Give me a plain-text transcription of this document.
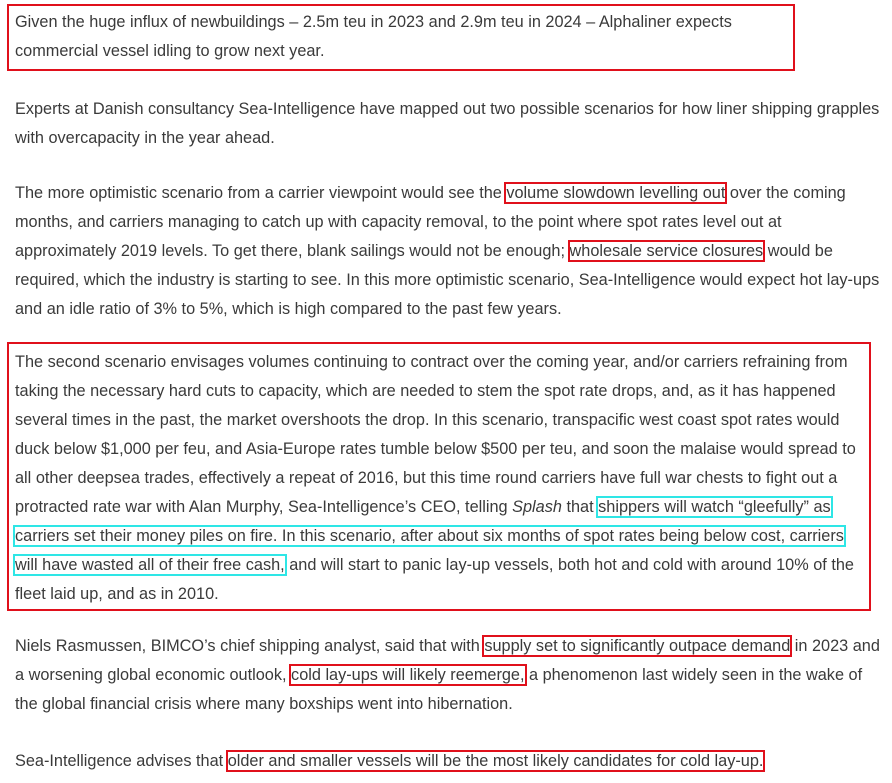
Given the huge influx of newbuildings – 2.5m teu in 2023 and 2.9m teu in 2024 – Alphaliner expects commercial vessel idling to grow next year.

Experts at Danish consultancy Sea-Intelligence have mapped out two possible scenarios for how liner shipping grapples with overcapacity in the year ahead.

The more optimistic scenario from a carrier viewpoint would see the volume slowdown levelling out over the coming months, and carriers managing to catch up with capacity removal, to the point where spot rates level out at approximately 2019 levels. To get there, blank sailings would not be enough; wholesale service closures would be required, which the industry is starting to see. In this more optimistic scenario, Sea-Intelligence would expect hot lay-ups and an idle ratio of 3% to 5%, which is high compared to the past few years.

The second scenario envisages volumes continuing to contract over the coming year, and/or carriers refraining from taking the necessary hard cuts to capacity, which are needed to stem the spot rate drops, and, as it has happened several times in the past, the market overshoots the drop. In this scenario, transpacific west coast spot rates would duck below $1,000 per feu, and Asia-Europe rates tumble below $500 per teu, and soon the malaise would spread to all other deepsea trades, effectively a repeat of 2016, but this time round carriers have full war chests to fight out a protracted rate war with Alan Murphy, Sea-Intelligence’s CEO, telling Splash that shippers will watch “gleefully” as carriers set their money piles on fire. In this scenario, after about six months of spot rates being below cost, carriers will have wasted all of their free cash, and will start to panic lay-up vessels, both hot and cold with around 10% of the fleet laid up, and as in 2010.

Niels Rasmussen, BIMCO’s chief shipping analyst, said that with supply set to significantly outpace demand in 2023 and a worsening global economic outlook, cold lay-ups will likely reemerge, a phenomenon last widely seen in the wake of the global financial crisis where many boxships went into hibernation.

Sea-Intelligence advises that older and smaller vessels will be the most likely candidates for cold lay-up.
